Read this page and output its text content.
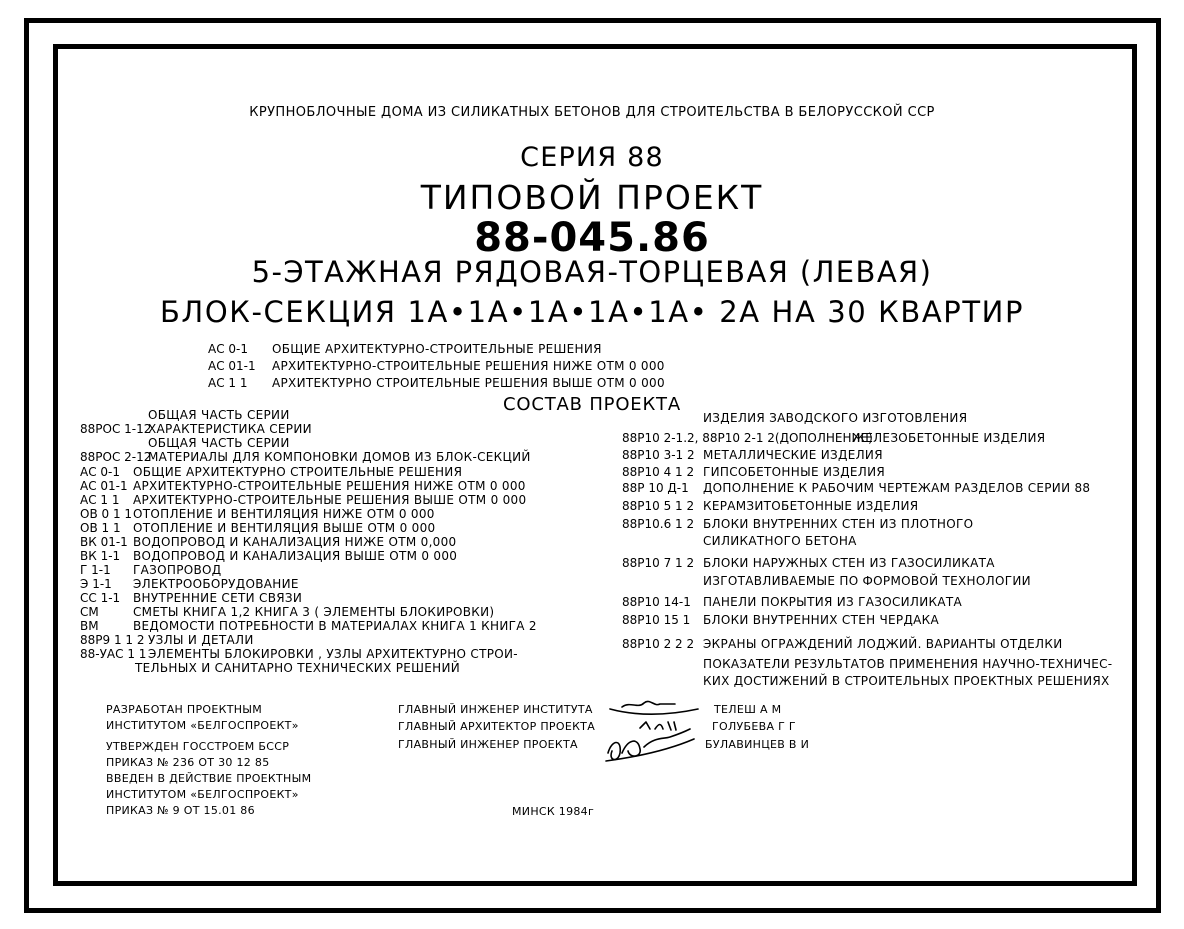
КРУПНОБЛОЧНЫЕ ДОМА ИЗ СИЛИКАТНЫХ БЕТОНОВ ДЛЯ СТРОИТЕЛЬСТВА В БЕЛОРУССКОЙ ССР
СЕРИЯ 88
ТИПОВОЙ ПРОЕКТ
88-045.86
5-ЭТАЖНАЯ РЯДОВАЯ-ТОРЦЕВАЯ (ЛЕВАЯ)
БЛОК-СЕКЦИЯ 1А•1А•1А•1А•1А• 2А НА 30 КВАРТИР
АС 0-1 ОБЩИЕ АРХИТЕКТУРНО-СТРОИТЕЛЬНЫЕ РЕШЕНИЯ
АС 01-1 АРХИТЕКТУРНО-СТРОИТЕЛЬНЫЕ РЕШЕНИЯ НИЖЕ ОТМ 0 000
АС 1 1 АРХИТЕКТУРНО СТРОИТЕЛЬНЫЕ РЕШЕНИЯ ВЫШЕ ОТМ 0 000
СОСТАВ ПРОЕКТА
ОБЩАЯ ЧАСТЬ СЕРИИ
88РОС 1-12
ХАРАКТЕРИСТИКА СЕРИИ
ОБЩАЯ ЧАСТЬ СЕРИИ
88РОС 2-12
МАТЕРИАЛЫ ДЛЯ КОМПОНОВКИ ДОМОВ ИЗ БЛОК-СЕКЦИЙ
АС 0-1 ОБЩИЕ АРХИТЕКТУРНО СТРОИТЕЛЬНЫЕ РЕШЕНИЯ
АС 01-1 АРХИТЕКТУРНО-СТРОИТЕЛЬНЫЕ РЕШЕНИЯ НИЖЕ ОТМ 0 000
АС 1 1 АРХИТЕКТУРНО-СТРОИТЕЛЬНЫЕ РЕШЕНИЯ ВЫШЕ ОТМ 0 000
ОВ 0 1 1 ОТОПЛЕНИЕ И ВЕНТИЛЯЦИЯ НИЖЕ ОТМ 0 000
ОВ 1 1 ОТОПЛЕНИЕ И ВЕНТИЛЯЦИЯ ВЫШЕ ОТМ 0 000
ВК 01-1 ВОДОПРОВОД И КАНАЛИЗАЦИЯ НИЖЕ ОТМ 0,000
ВК 1-1 ВОДОПРОВОД И КАНАЛИЗАЦИЯ ВЫШЕ ОТМ 0 000
Г 1-1 ГАЗОПРОВОД
Э 1-1 ЭЛЕКТРООБОРУДОВАНИЕ
СС 1-1 ВНУТРЕННИЕ СЕТИ СВЯЗИ
СМ	СМЕТЫ КНИГА 1,2 КНИГА 3 ( ЭЛЕМЕНТЫ БЛОКИРОВКИ)
ВМ	ВЕДОМОСТИ ПОТРЕБНОСТИ В МАТЕРИАЛАХ КНИГА 1 КНИГА 2
88Р9 1 1 2 УЗЛЫ И ДЕТАЛИ
88-УАС 1 1 ЭЛЕМЕНТЫ БЛОКИРОВКИ , УЗЛЫ АРХИТЕКТУРНО СТРОИ-
ТЕЛЬНЫХ И САНИТАРНО ТЕХНИЧЕСКИХ РЕШЕНИЙ
ИЗДЕЛИЯ ЗАВОДСКОГО ИЗГОТОВЛЕНИЯ
88Р10 2-1.2, 88Р10 2-1 2(ДОПОЛНЕНИЕ)
ЖЕЛЕЗОБЕТОННЫЕ ИЗДЕЛИЯ
88Р10 3-1 2 МЕТАЛЛИЧЕСКИЕ ИЗДЕЛИЯ
88Р10 4 1 2 ГИПСОБЕТОННЫЕ ИЗДЕЛИЯ
88Р 10 Д-1 ДОПОЛНЕНИЕ К РАБОЧИМ ЧЕРТЕЖАМ РАЗДЕЛОВ СЕРИИ 88
88Р10 5 1 2 КЕРАМЗИТОБЕТОННЫЕ ИЗДЕЛИЯ
88Р10.6 1 2 БЛОКИ ВНУТРЕННИХ СТЕН ИЗ ПЛОТНОГО
СИЛИКАТНОГО БЕТОНА
88Р10 7 1 2 БЛОКИ НАРУЖНЫХ СТЕН ИЗ ГАЗОСИЛИКАТА
ИЗГОТАВЛИВАЕМЫЕ ПО ФОРМОВОЙ ТЕХНОЛОГИИ
88Р10 14-1 ПАНЕЛИ ПОКРЫТИЯ ИЗ ГАЗОСИЛИКАТА
88Р10 15 1 БЛОКИ ВНУТРЕННИХ СТЕН ЧЕРДАКА
88Р10 2 2 2 ЭКРАНЫ ОГРАЖДЕНИЙ ЛОДЖИЙ. ВАРИАНТЫ ОТДЕЛКИ
ПОКАЗАТЕЛИ РЕЗУЛЬТАТОВ ПРИМЕНЕНИЯ НАУЧНО-ТЕХНИЧЕС-
КИХ ДОСТИЖЕНИЙ В СТРОИТЕЛЬНЫХ ПРОЕКТНЫХ РЕШЕНИЯХ
РАЗРАБОТАН ПРОЕКТНЫМ
ИНСТИТУТОМ «БЕЛГОСПРОЕКТ»
УТВЕРЖДЕН ГОССТРОЕМ БССР
ПРИКАЗ № 236 ОТ 30 12 85
ВВЕДЕН В ДЕЙСТВИЕ ПРОЕКТНЫМ
ИНСТИТУТОМ «БЕЛГОСПРОЕКТ»
ПРИКАЗ № 9 ОТ 15.01 86
ГЛАВНЫЙ ИНЖЕНЕР ИНСТИТУТА
ГЛАВНЫЙ АРХИТЕКТОР ПРОЕКТА
ГЛАВНЫЙ ИНЖЕНЕР ПРОЕКТА
ТЕЛЕШ А М
ГОЛУБЕВА Г Г
БУЛАВИНЦЕВ В И
МИНСК 1984г
